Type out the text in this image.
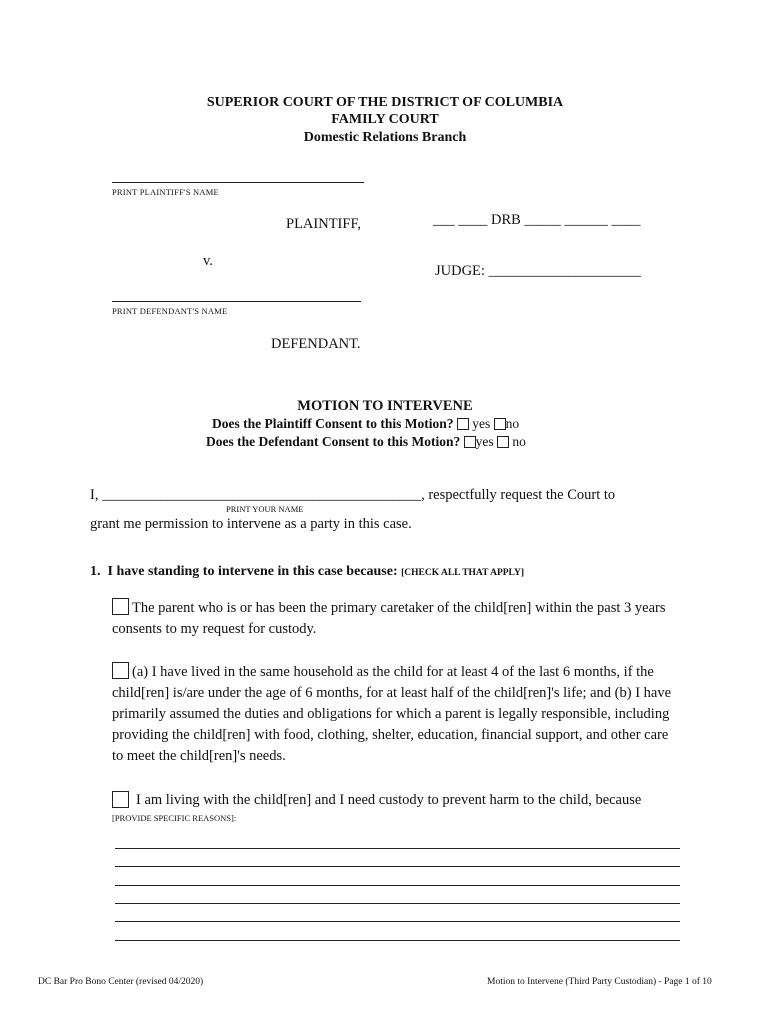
SUPERIOR COURT OF THE DISTRICT OF COLUMBIA
FAMILY COURT
Domestic Relations Branch
PRINT PLAINTIFF'S NAME
PLAINTIFF,	___ ____ DRB _____ ______ ____
v.
JUDGE: _____________________
PRINT DEFENDANT'S NAME
DEFENDANT.
MOTION TO INTERVENE
Does the Plaintiff Consent to this Motion? yes no
Does the Defendant Consent to this Motion? yes no
I, ____________________________________________, respectfully request the Court to
PRINT YOUR NAME
grant me permission to intervene as a party in this case.
1. I have standing to intervene in this case because: [CHECK ALL THAT APPLY]
The parent who is or has been the primary caretaker of the child[ren] within the past 3 years consents to my request for custody.
(a) I have lived in the same household as the child for at least 4 of the last 6 months, if the child[ren] is/are under the age of 6 months, for at least half of the child[ren]'s life; and (b) I have primarily assumed the duties and obligations for which a parent is legally responsible, including providing the child[ren] with food, clothing, shelter, education, financial support, and other care to meet the child[ren]'s needs.
I am living with the child[ren] and I need custody to prevent harm to the child, because
[PROVIDE SPECIFIC REASONS]:
DC Bar Pro Bono Center (revised 04/2020)	Motion to Intervene (Third Party Custodian) - Page 1 of 10
